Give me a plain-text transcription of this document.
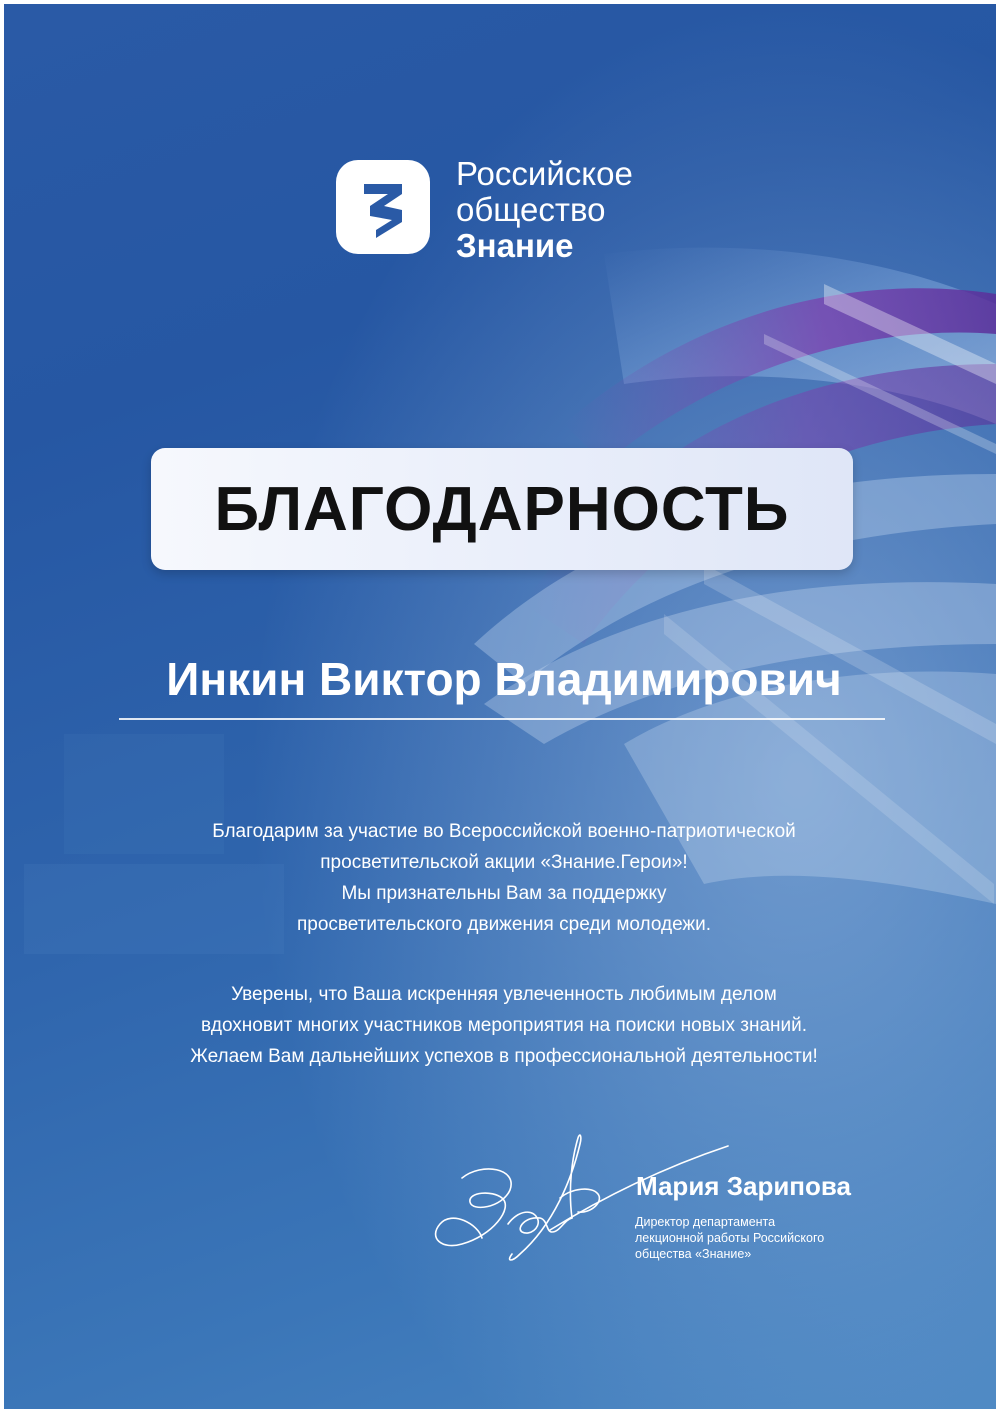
Российское
общество
Знание
БЛАГОДАРНОСТЬ
Инкин Виктор Владимирович
Благодарим за участие во Всероссийской военно-патриотической
просветительской акции «Знание.Герои»!
Мы признательны Вам за поддержку
просветительского движения среди молодежи.
Уверены, что Ваша искренняя увлеченность любимым делом
вдохновит многих участников мероприятия на поиски новых знаний.
Желаем Вам дальнейших успехов в профессиональной деятельности!
Мария Зарипова
Директор департамента
лекционной работы Российского
общества «Знание»
